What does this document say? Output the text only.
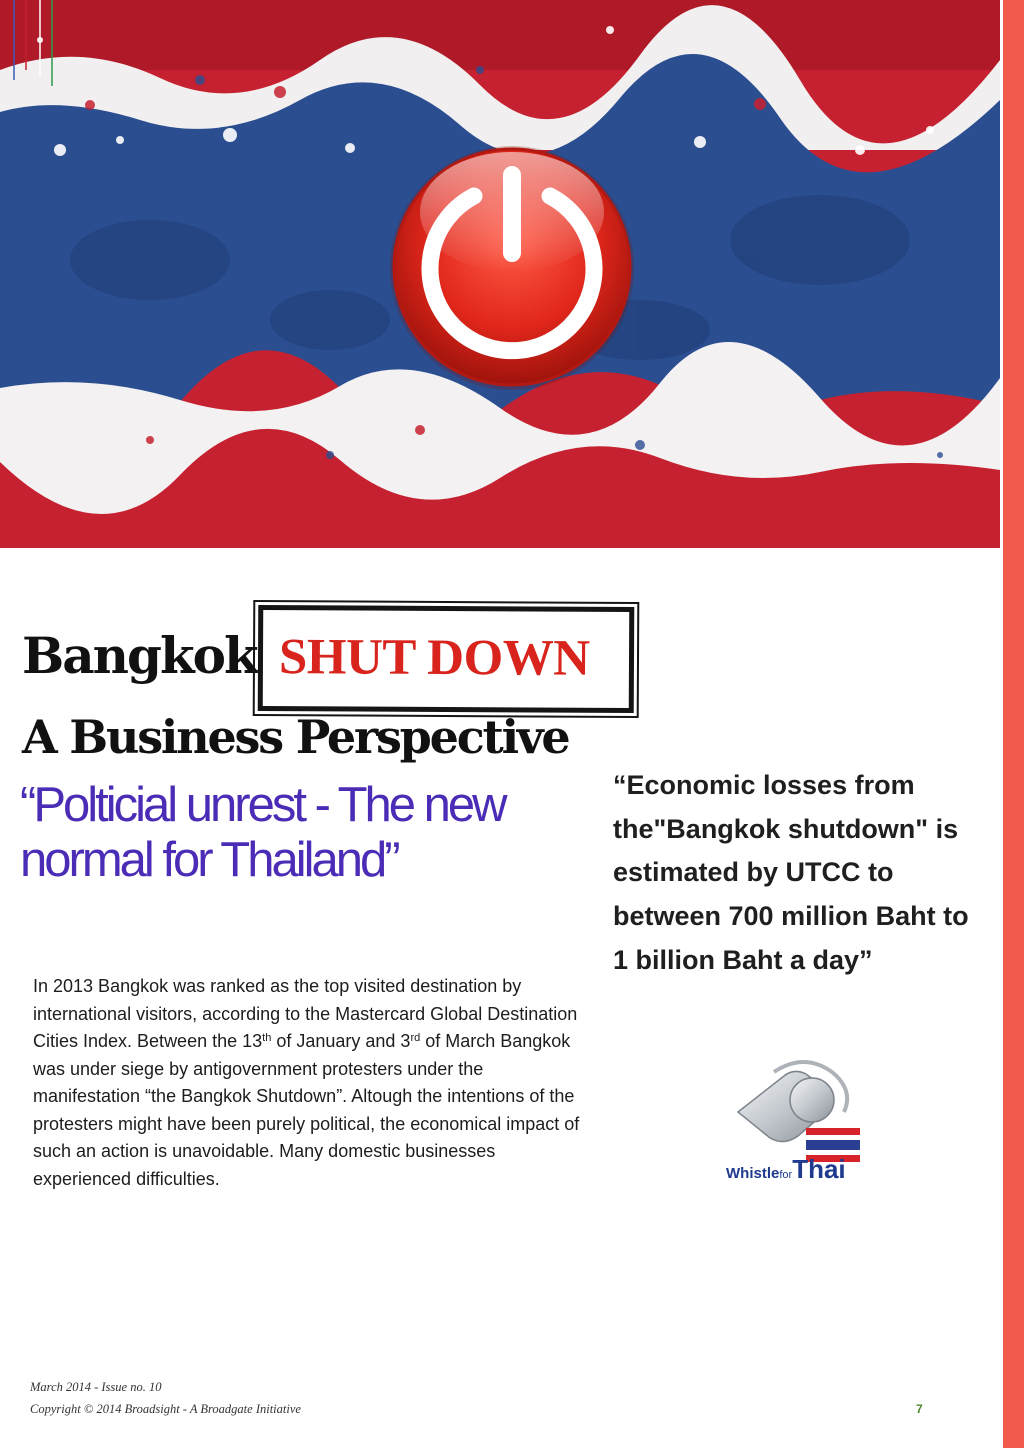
Bangkok SHUT DOWN
A Business Perspective
“Polticial unrest - The new normal for Thailand”
In 2013 Bangkok was ranked as the top visited destination by international visitors, according to the Mastercard Global Destination Cities Index. Between the 13th of January and 3rd of March Bangkok was under siege by antigovernment protesters under the manifestation “the Bangkok Shutdown”. Altough the intentions of the protesters might have been purely political, the economical impact of such an action is unavoidable. Many domestic businesses experienced difficulties.
“Economic losses from the"Bangkok shutdown" is estimated by UTCC to between 700 million Baht to 1 billion Baht a day”
WhistleforThai
March 2014 - Issue no. 10
Copyright © 2014 Broadsight - A Broadgate Initiative	7
